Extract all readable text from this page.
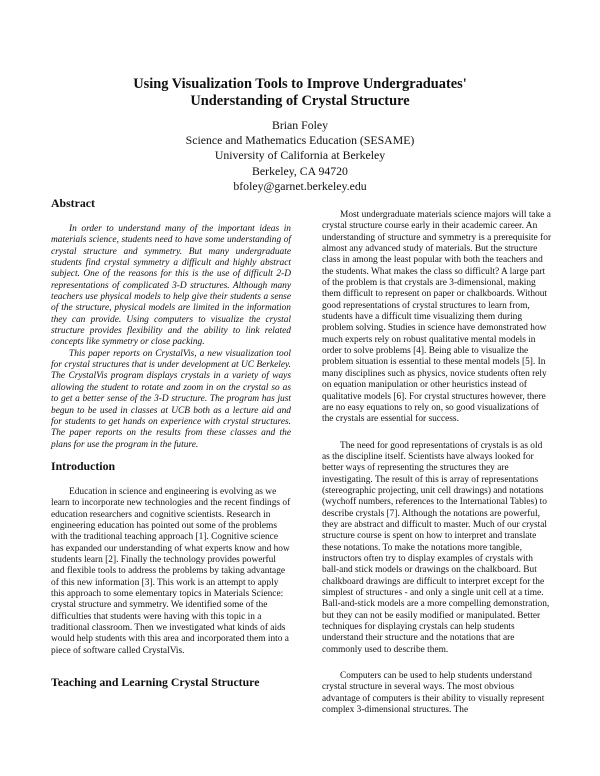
Using Visualization Tools to Improve Undergraduates'
Understanding of Crystal Structure
Brian Foley
Science and Mathematics Education (SESAME)
University of California at Berkeley
Berkeley, CA 94720
bfoley@garnet.berkeley.edu
Abstract

In order to understand many of the important ideas in materials science, students need to have some understanding of crystal structure and symmetry. But many undergraduate students find crystal symmetry a difficult and highly abstract subject. One of the reasons for this is the use of difficult 2-D representations of complicated 3-D structures. Although many teachers use physical models to help give their students a sense of the structure, physical models are limited in the information they can provide. Using computers to visualize the crystal structure provides flexibility and the ability to link related concepts like symmetry or close packing.

This paper reports on CrystalVis, a new visualization tool for crystal structures that is under development at UC Berkeley. The CrystalVis program displays crystals in a variety of ways allowing the student to rotate and zoom in on the crystal so as to get a better sense of the 3-D structure. The program has just begun to be used in classes at UCB both as a lecture aid and for students to get hands on experience with crystal structures. The paper reports on the results from these classes and the plans for use the program in the future.

Introduction

Education in science and engineering is evolving as we learn to incorporate new technologies and the recent findings of education researchers and cognitive scientists. Research in engineering education has pointed out some of the problems with the traditional teaching approach [1]. Cognitive science has expanded our understanding of what experts know and how students learn [2]. Finally the technology provides powerful and flexible tools to address the problems by taking advantage of this new information [3]. This work is an attempt to apply this approach to some elementary topics in Materials Science: crystal structure and symmetry. We identified some of the difficulties that students were having with this topic in a traditional classroom. Then we investigated what kinds of aids would help students with this area and incorporated them into a piece of software called CrystalVis.

Teaching and Learning Crystal Structure

Most undergraduate materials science majors will take a crystal structure course early in their academic career. An understanding of structure and symmetry is a prerequisite for almost any advanced study of materials. But the structure class in among the least popular with both the teachers and the students. What makes the class so difficult? A large part of the problem is that crystals are 3-dimensional, making them difficult to represent on paper or chalkboards. Without good representations of crystal structures to learn from, students have a difficult time visualizing them during problem solving. Studies in science have demonstrated how much experts rely on robust qualitative mental models in order to solve problems [4]. Being able to visualize the problem situation is essential to these mental models [5]. In many disciplines such as physics, novice students often rely on equation manipulation or other heuristics instead of qualitative models [6]. For crystal structures however, there are no easy equations to rely on, so good visualizations of the crystals are essential for success.

The need for good representations of crystals is as old as the discipline itself. Scientists have always looked for better ways of representing the structures they are investigating. The result of this is array of representations (stereographic projecting, unit cell drawings) and notations (wychoff numbers, references to the International Tables) to describe crystals [7]. Although the notations are powerful, they are abstract and difficult to master. Much of our crystal structure course is spent on how to interpret and translate these notations. To make the notations more tangible, instructors often try to display examples of crystals with ball-and stick models or drawings on the chalkboard. But chalkboard drawings are difficult to interpret except for the simplest of structures - and only a single unit cell at a time. Ball-and-stick models are a more compelling demonstration, but they can not be easily modified or manipulated. Better techniques for displaying crystals can help students understand their structure and the notations that are commonly used to describe them.

Computers can be used to help students understand crystal structure in several ways. The most obvious advantage of computers is their ability to visually represent complex 3-dimensional structures. The
